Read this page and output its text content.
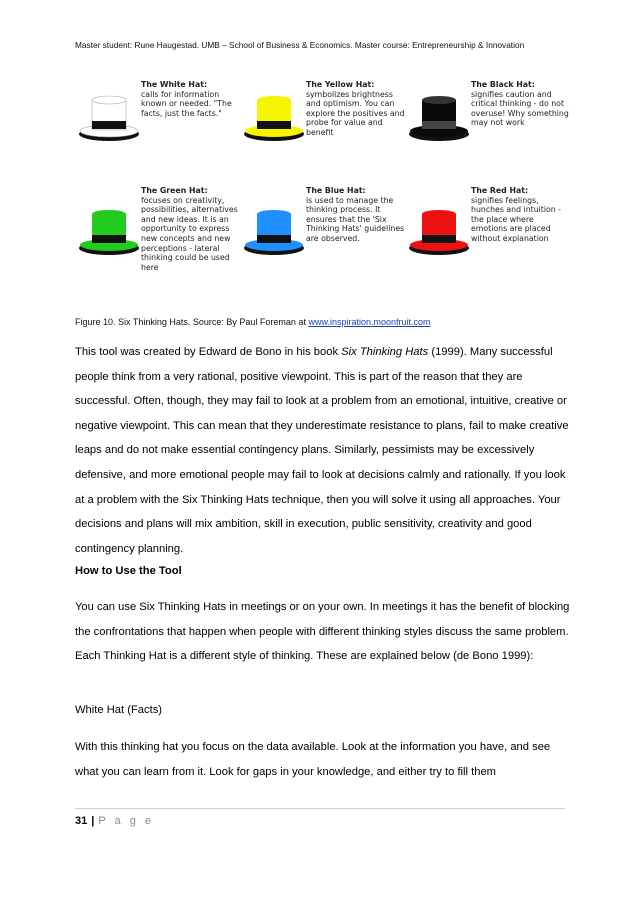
Master student: Rune Haugestad. UMB – School of Business & Economics. Master course: Entrepreneurship & Innovation
The White Hat:
calls for information known or needed. "The facts, just the facts."
The Yellow Hat:
symbolizes brightness and optimism. You can explore the positives and probe for value and benefit
The Black Hat:
signifies caution and critical thinking - do not overuse! Why something may not work
The Green Hat:
focuses on creativity, possibilities, alternatives and new ideas. It is an opportunity to express new concepts and new perceptions - lateral thinking could be used here
The Blue Hat:
is used to manage the thinking process. It ensures that the 'Six Thinking Hats' guidelines are observed.
The Red Hat:
signifies feelings, hunches and intuition - the place where emotions are placed without explanation
Figure 10. Six Thinking Hats. Source: By Paul Foreman at www.inspiration.moonfruit.com
This tool was created by Edward de Bono in his book Six Thinking Hats (1999). Many successful people think from a very rational, positive viewpoint. This is part of the reason that they are successful. Often, though, they may fail to look at a problem from an emotional, intuitive, creative or negative viewpoint. This can mean that they underestimate resistance to plans, fail to make creative leaps and do not make essential contingency plans. Similarly, pessimists may be excessively defensive, and more emotional people may fail to look at decisions calmly and rationally. If you look at a problem with the Six Thinking Hats technique, then you will solve it using all approaches. Your decisions and plans will mix ambition, skill in execution, public sensitivity, creativity and good contingency planning.
How to Use the Tool
You can use Six Thinking Hats in meetings or on your own. In meetings it has the benefit of blocking the confrontations that happen when people with different thinking styles discuss the same problem. Each Thinking Hat is a different style of thinking. These are explained below (de Bono 1999):
White Hat (Facts)
With this thinking hat you focus on the data available. Look at the information you have, and see what you can learn from it. Look for gaps in your knowledge, and either try to fill them
31 | P a g e
